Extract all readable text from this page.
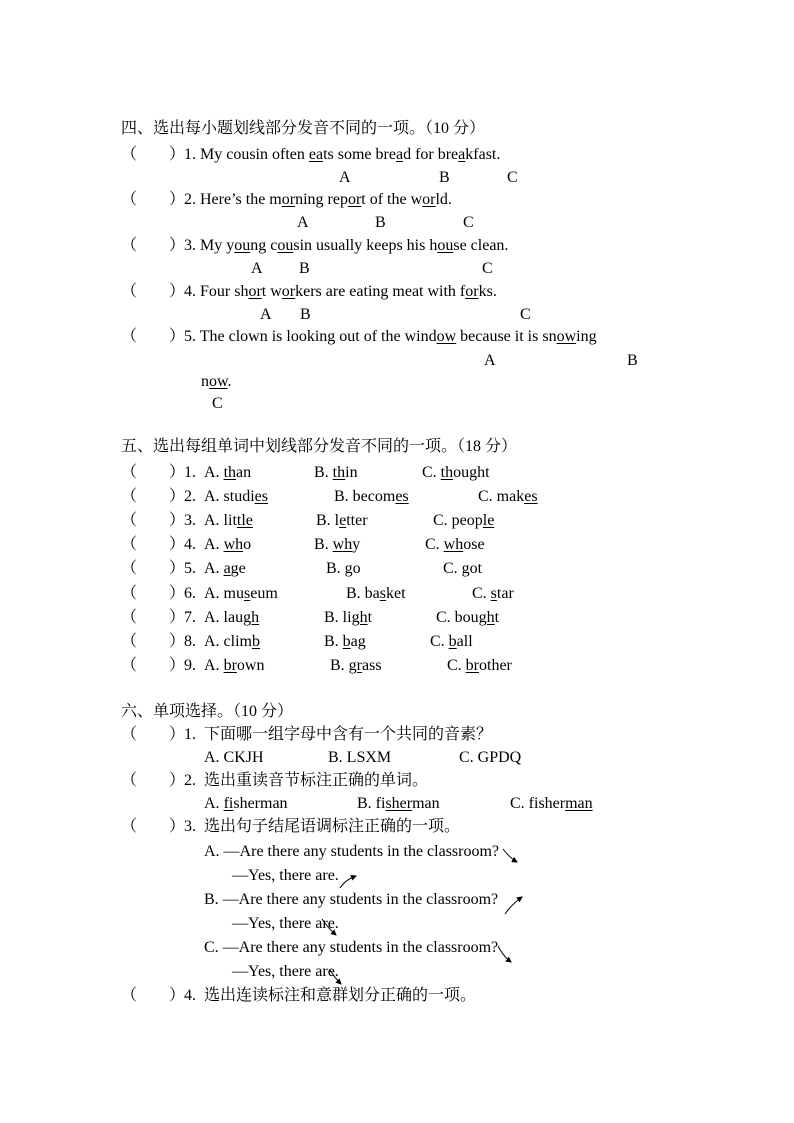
四、选出每小题划线部分发音不同的一项。（10 分）
（　　）
1. My cousin often eats some bread for breakfast.
A	B	C
（　　）
2. Here’s the morning report of the world.
A	B	C
（　　）
3. My young cousin usually keeps his house clean.
A B	C
（　　）
4. Four short workers are eating meat with forks.
A B	C
（　　）
5. The clown is looking out of the window because it is snowing
A	B
now.
C
五、选出每组单词中划线部分发音不同的一项。（18 分）
（　　）
1. A. than	B. thin	C. thought
（　　）
2. A. studies	B. becomes	C. makes
（　　）
3. A. little	B. letter	C. people
（　　）
4. A. who	B. why	C. whose
（　　）
5. A. age	B. go	C. got
（　　）
6. A. museum	B. basket	C. star
（　　）
7. A. laugh	B. light	C. bought
（　　）
8. A. climb	B. bag	C. ball
（　　）
9. A. brown	B. grass	C. brother
六、单项选择。（10 分）
（　　）
1. 下面哪一组字母中含有一个共同的音素？
A. CKJH	B. LSXM	C. GPDQ
（　　）
2. 选出重读音节标注正确的单词。
A. fisherman	B. fisherman	C. fisherman
（　　）
3. 选出句子结尾语调标注正确的一项。
A. —Are there any students in the classroom?
—Yes, there are.
B. —Are there any students in the classroom?
—Yes, there are.
C. —Are there any students in the classroom?
—Yes, there are.
（　　）
4. 选出连读标注和意群划分正确的一项。
